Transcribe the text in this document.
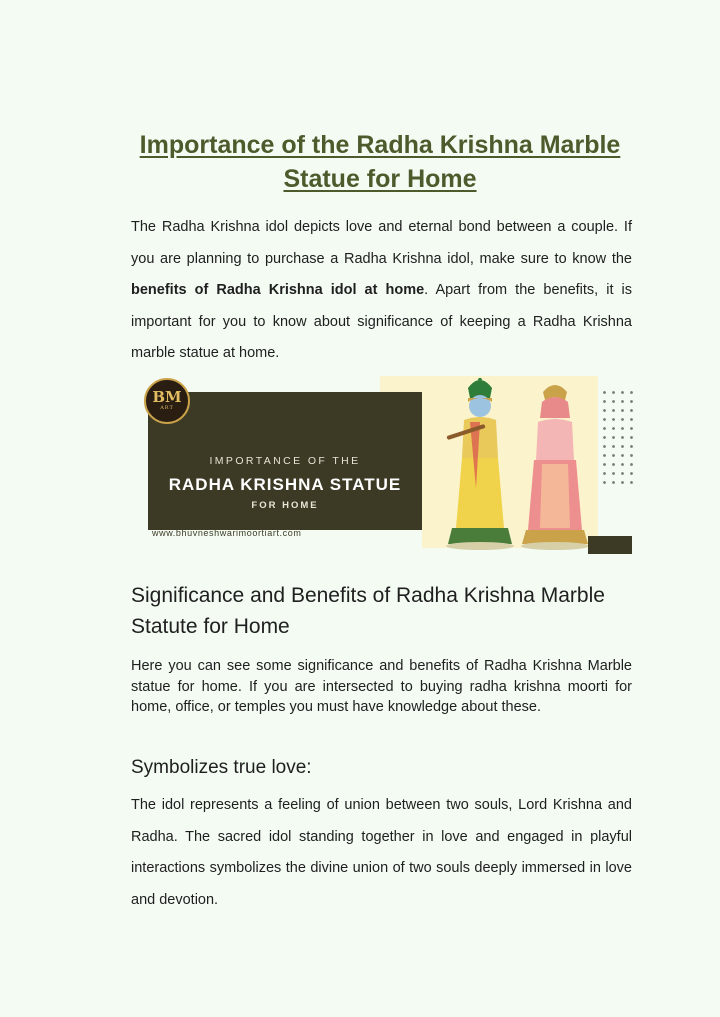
Importance of the Radha Krishna Marble Statue for Home

The Radha Krishna idol depicts love and eternal bond between a couple. If you are planning to purchase a Radha Krishna idol, make sure to know the benefits of Radha Krishna idol at home. Apart from the benefits, it is important for you to know about significance of keeping a Radha Krishna marble statue at home.

IMPORTANCE OF THE
RADHA KRISHNA STATUE
FOR HOME
www.bhuvneshwarimoortiart.com
BM
ART
Significance and Benefits of Radha Krishna Marble Statute for Home

Here you can see some significance and benefits of Radha Krishna Marble statue for home. If you are intersected to buying radha krishna moorti for home, office, or temples you must have knowledge about these.

Symbolizes true love:

The idol represents a feeling of union between two souls, Lord Krishna and Radha. The sacred idol standing together in love and engaged in playful interactions symbolizes the divine union of two souls deeply immersed in love and devotion.
